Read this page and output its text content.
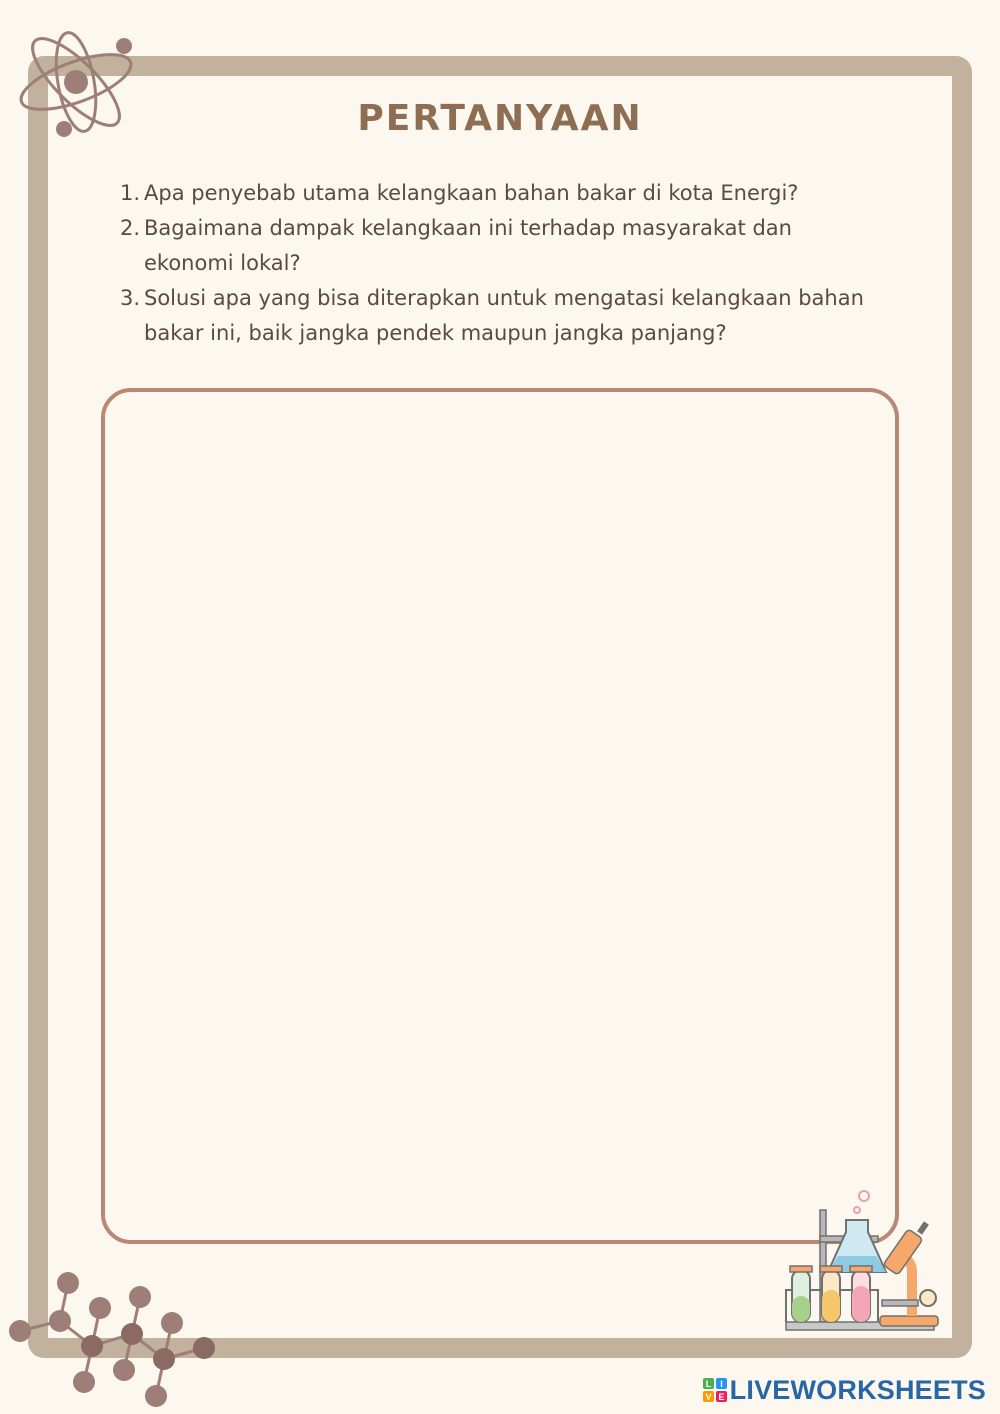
PERTANYAAN
1. Apa penyebab utama kelangkaan bahan bakar di kota Energi?
2. Bagaimana dampak kelangkaan ini terhadap masyarakat dan ekonomi lokal?
3. Solusi apa yang bisa diterapkan untuk mengatasi kelangkaan bahan bakar ini, baik jangka pendek maupun jangka panjang?
L I
V E LIVEWORKSHEETS
